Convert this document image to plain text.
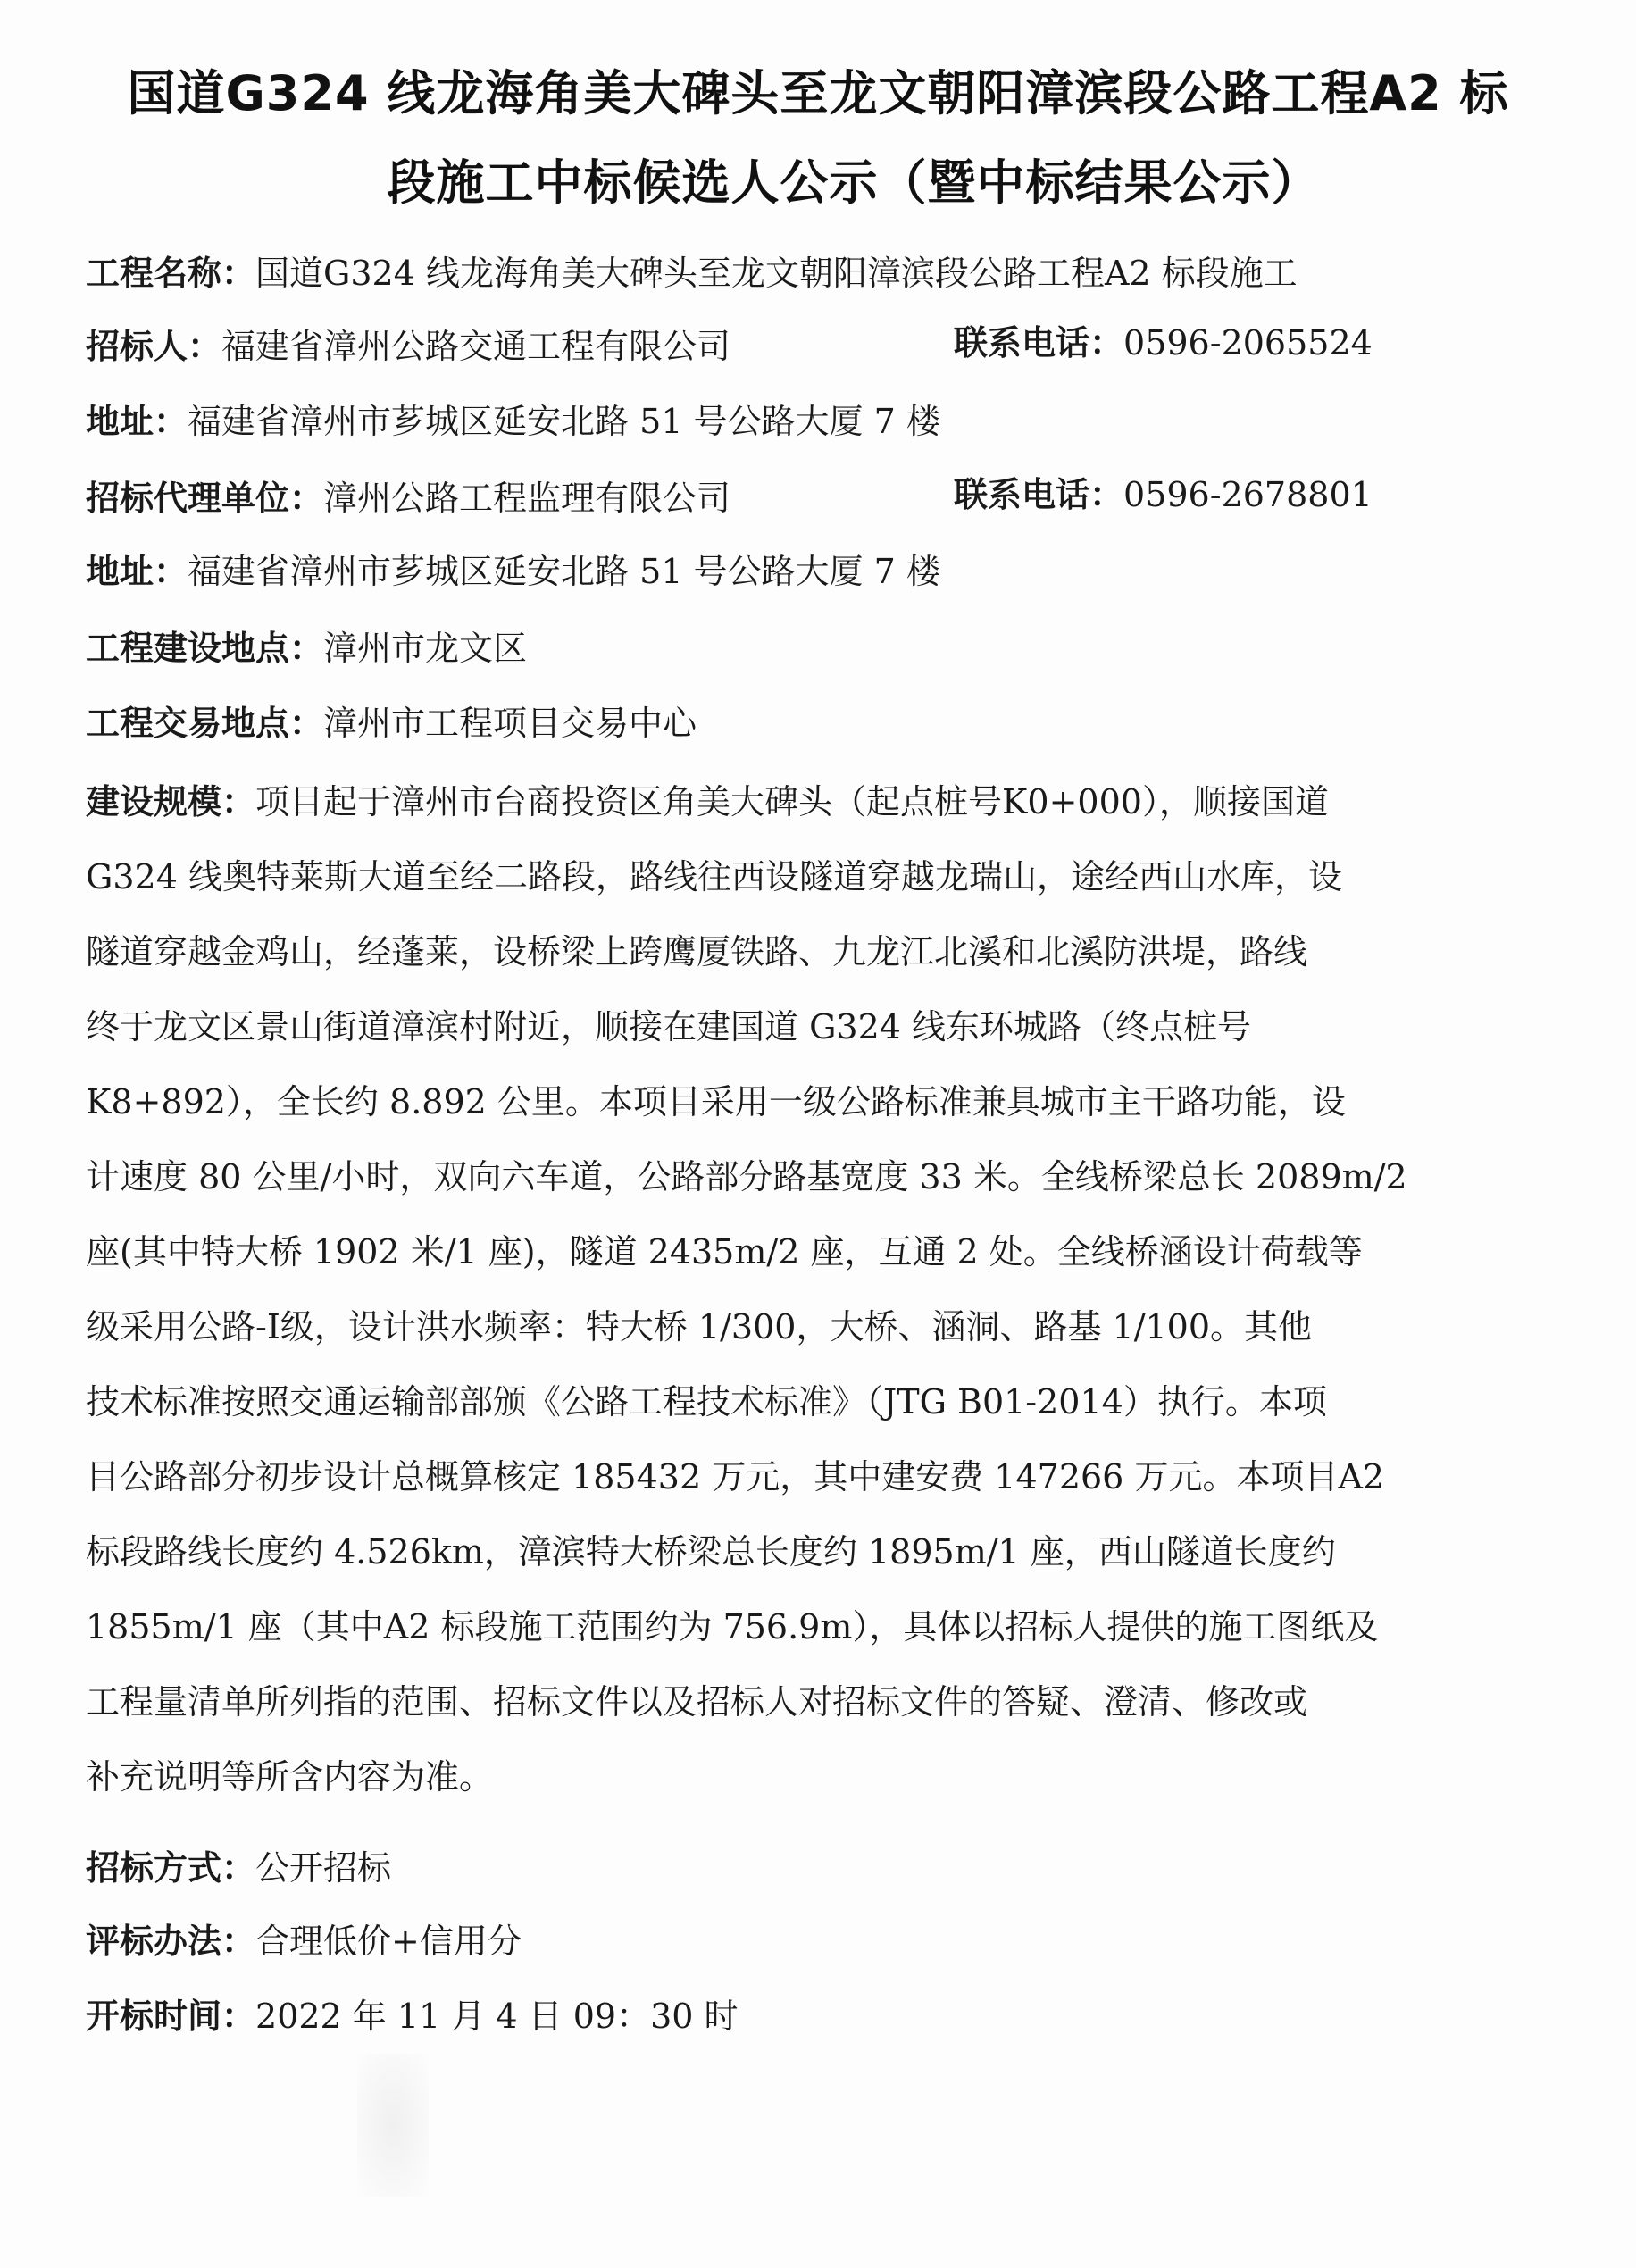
国道G324 线龙海角美大碑头至龙文朝阳漳滨段公路工程A2 标
段施工中标候选人公示（暨中标结果公示）
工程名称：国道G324 线龙海角美大碑头至龙文朝阳漳滨段公路工程A2 标段施工
招标人：福建省漳州公路交通工程有限公司	联系电话：0596-2065524
地址：福建省漳州市芗城区延安北路 51 号公路大厦 7 楼
招标代理单位：漳州公路工程监理有限公司	联系电话：0596-2678801
地址：福建省漳州市芗城区延安北路 51 号公路大厦 7 楼
工程建设地点：漳州市龙文区
工程交易地点：漳州市工程项目交易中心
建设规模：项目起于漳州市台商投资区角美大碑头（起点桩号K0+000），顺接国道
G324 线奥特莱斯大道至经二路段，路线往西设隧道穿越龙瑞山，途经西山水库，设
隧道穿越金鸡山，经蓬莱，设桥梁上跨鹰厦铁路、九龙江北溪和北溪防洪堤，路线
终于龙文区景山街道漳滨村附近，顺接在建国道 G324 线东环城路（终点桩号
K8+892），全长约 8.892 公里。本项目采用一级公路标准兼具城市主干路功能，设
计速度 80 公里/小时，双向六车道，公路部分路基宽度 33 米。全线桥梁总长 2089m/2
座(其中特大桥 1902 米/1 座)，隧道 2435m/2 座，互通 2 处。全线桥涵设计荷载等
级采用公路-Ⅰ级，设计洪水频率：特大桥 1/300，大桥、涵洞、路基 1/100。其他
技术标准按照交通运输部部颁《公路工程技术标准》（JTG B01-2014）执行。本项
目公路部分初步设计总概算核定 185432 万元，其中建安费 147266 万元。本项目A2
标段路线长度约 4.526km，漳滨特大桥梁总长度约 1895m/1 座，西山隧道长度约
1855m/1 座（其中A2 标段施工范围约为 756.9m），具体以招标人提供的施工图纸及
工程量清单所列指的范围、招标文件以及招标人对招标文件的答疑、澄清、修改或
补充说明等所含内容为准。
招标方式：公开招标
评标办法：合理低价+信用分
开标时间：2022 年 11 月 4 日 09：30 时
